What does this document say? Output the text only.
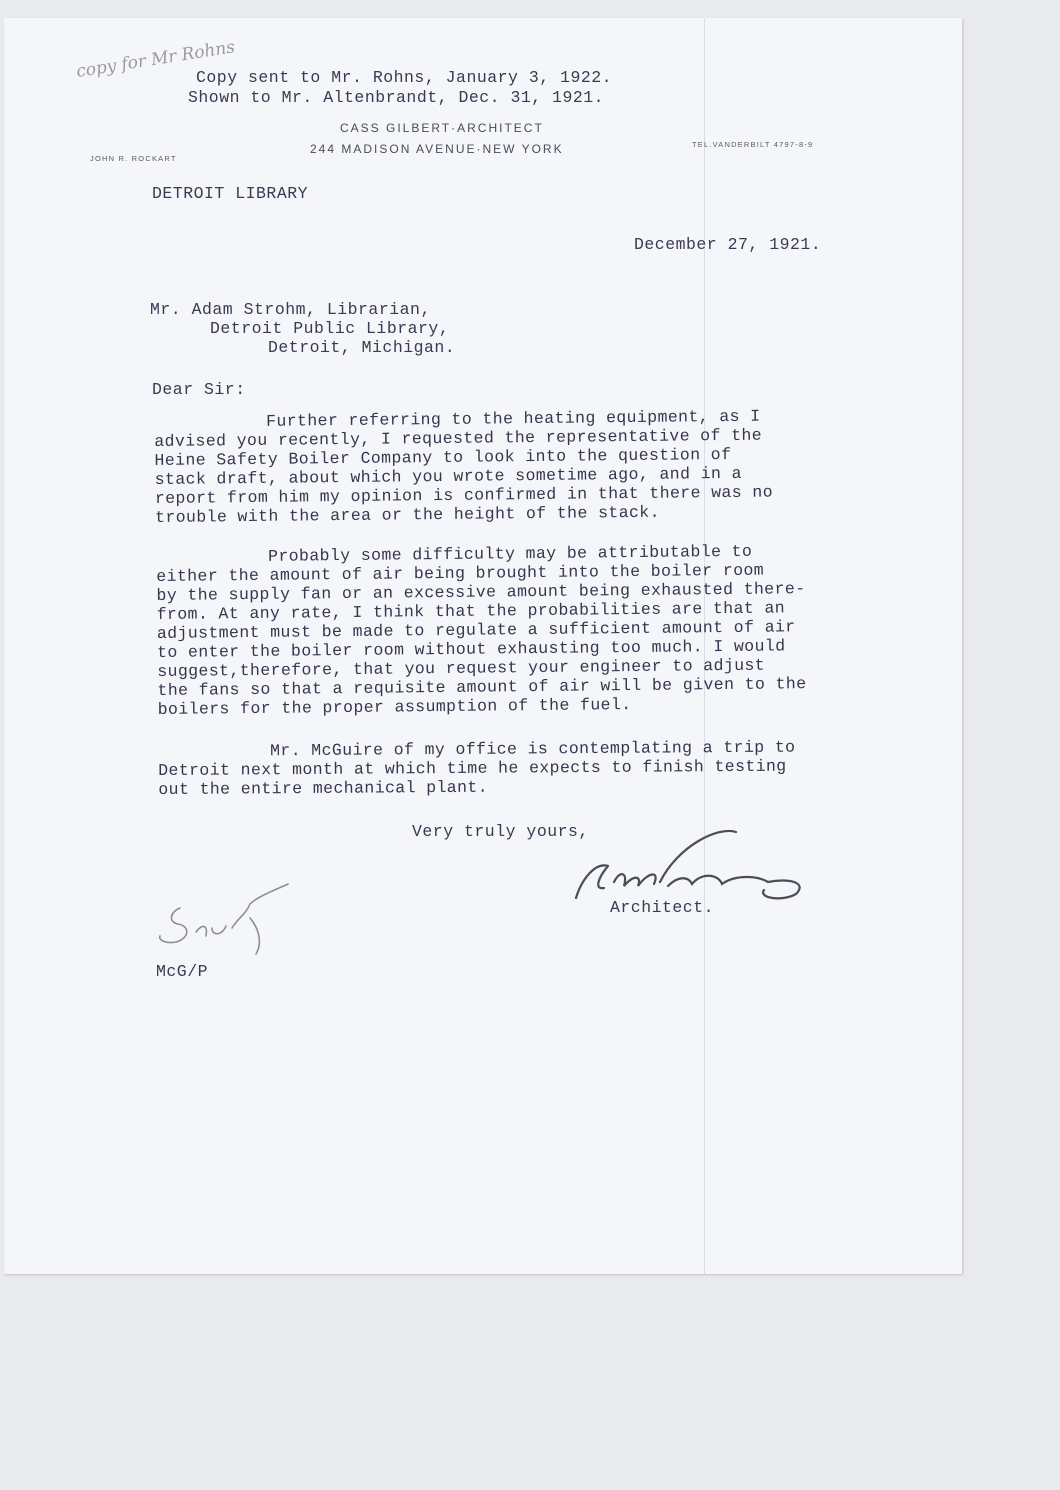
copy for Mr Rohns
Copy sent to Mr. Rohns, January 3, 1922.
Shown to Mr. Altenbrandt, Dec. 31, 1921.
CASS GILBERT·ARCHITECT
244 MADISON AVENUE·NEW YORK
JOHN R. ROCKART
TEL.VANDERBILT 4797-8-9
DETROIT LIBRARY
December 27, 1921.
Mr. Adam Strohm, Librarian,
Detroit Public Library,
Detroit, Michigan.
Dear Sir:
Further referring to the heating equipment, as I
advised you recently, I requested the representative of the
Heine Safety Boiler Company to look into the question of
stack draft, about which you wrote sometime ago, and in a
report from him my opinion is confirmed in that there was no
trouble with the area or the height of the stack.
Probably some difficulty may be attributable to
either the amount of air being brought into the boiler room
by the supply fan or an excessive amount being exhausted there-
from. At any rate, I think that the probabilities are that an
adjustment must be made to regulate a sufficient amount of air
to enter the boiler room without exhausting too much. I would
suggest,therefore, that you request your engineer to adjust
the fans so that a requisite amount of air will be given to the
boilers for the proper assumption of the fuel.
Mr. McGuire of my office is contemplating a trip to
Detroit next month at which time he expects to finish testing
out the entire mechanical plant.
Very truly yours,
Architect.
McG/P
